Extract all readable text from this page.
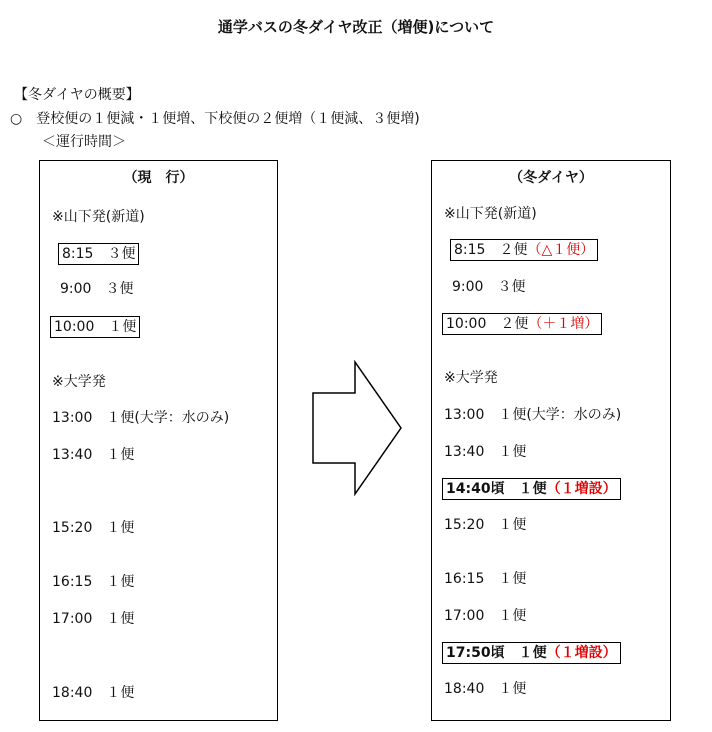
通学バスの冬ダイヤ改正（増便)について
【冬ダイヤの概要】
○　登校便の１便減・１便増、下校便の２便増（１便減、３便増)
＜運行時間＞
（現　行）
※山下発(新道)
8:15　３便
9:00　３便
10:00　１便
※大学発
13:00　１便(大学：水のみ)
13:40　１便
15:20　１便
16:15　１便
17:00　１便
18:40　１便
（冬ダイヤ）
※山下発(新道)
8:15　２便（△１便）
9:00　３便
10:00　２便（＋１増）
※大学発
13:00　１便(大学：水のみ)
13:40　１便
14:40頃　１便（１増設）
15:20　１便
16:15　１便
17:00　１便
17:50頃　１便（１増設）
18:40　１便
